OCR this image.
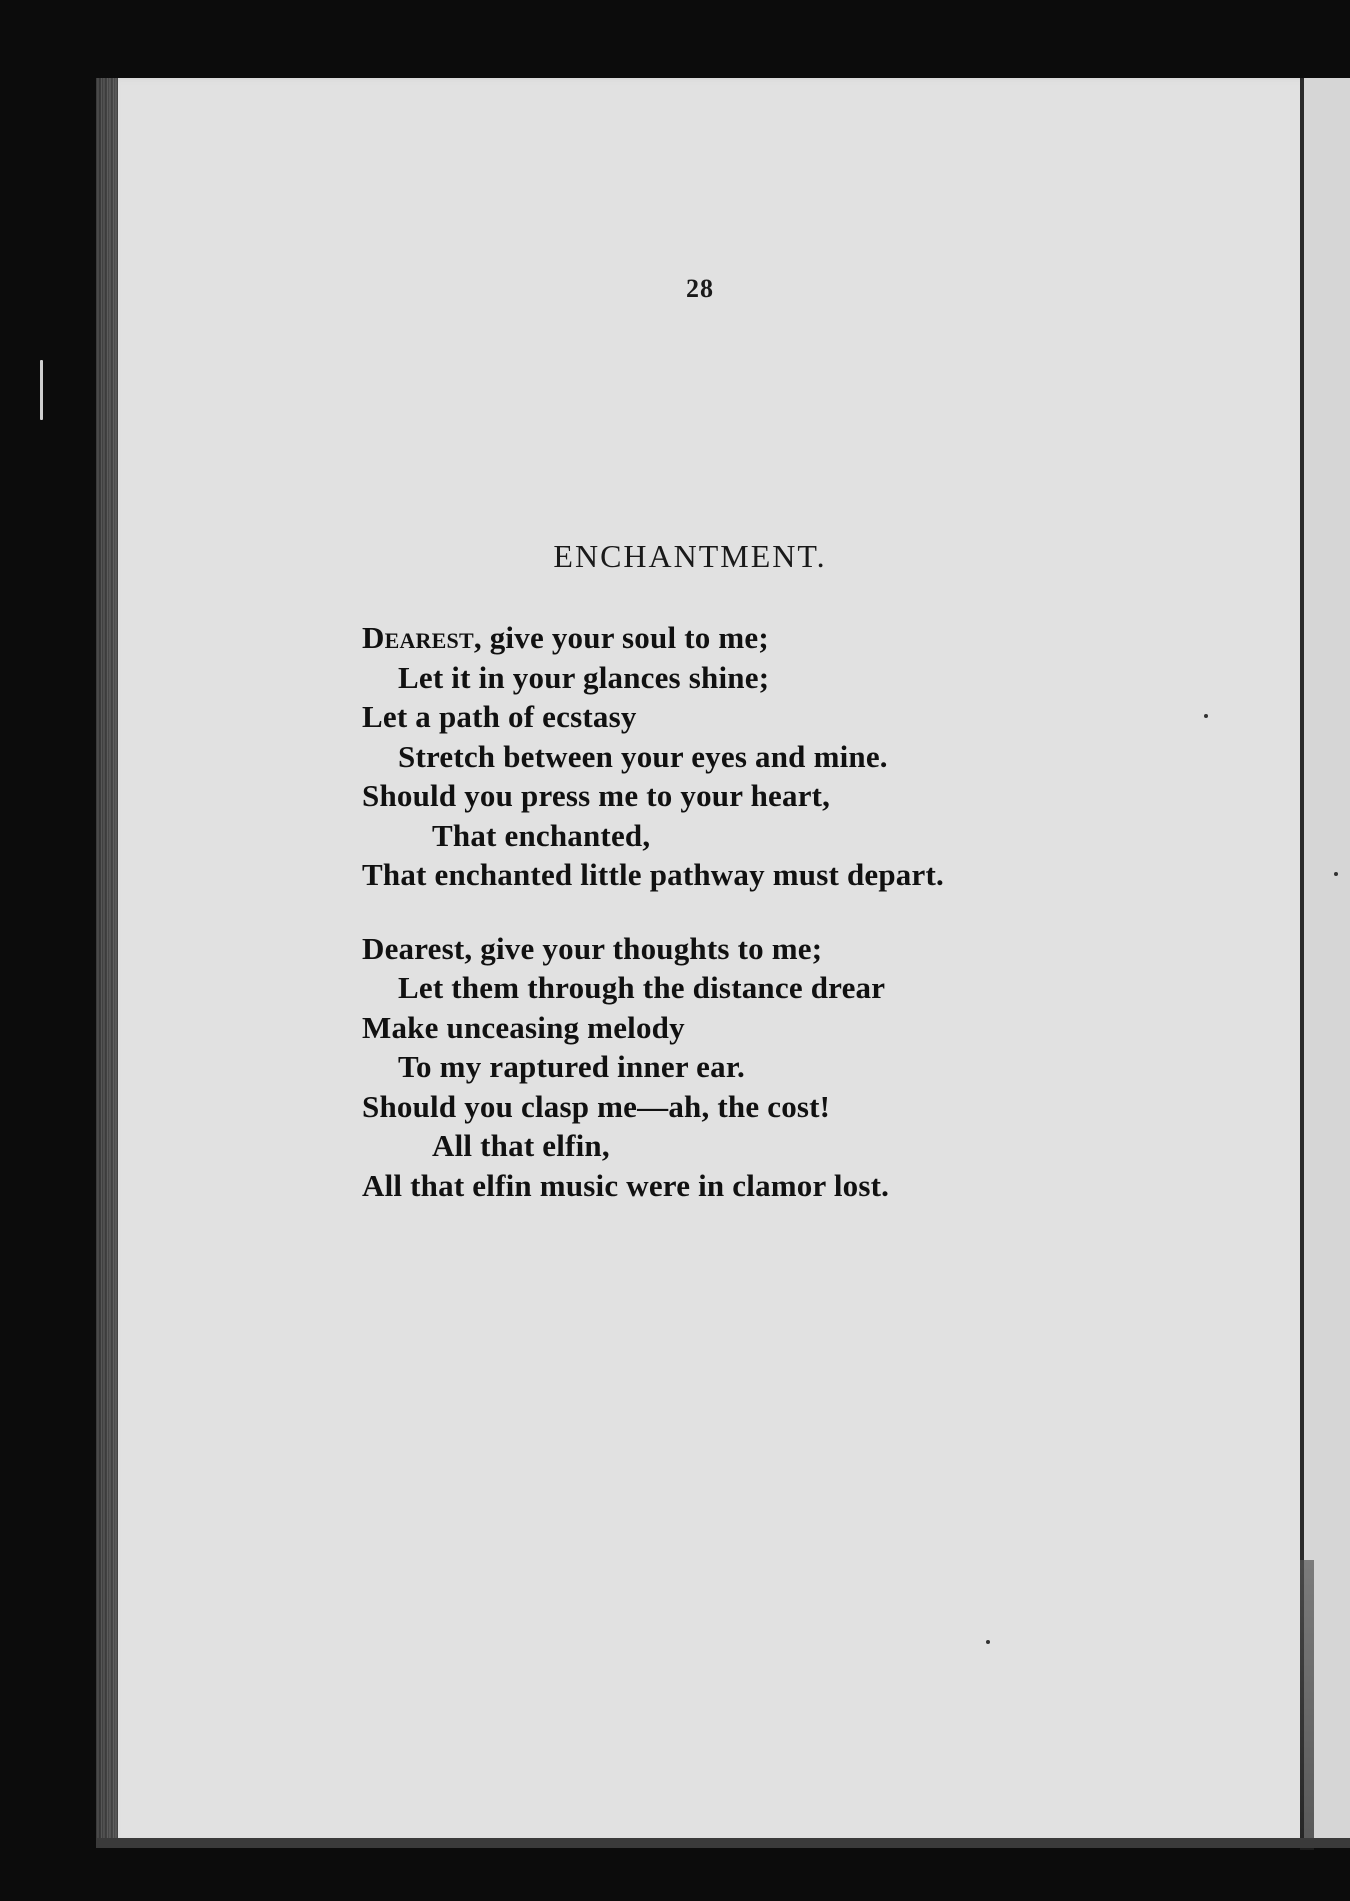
28
ENCHANTMENT.
Dearest, give your soul to me;
Let it in your glances shine;
Let a path of ecstasy
Stretch between your eyes and mine.
Should you press me to your heart,
That enchanted,
That enchanted little pathway must depart.
Dearest, give your thoughts to me;
Let them through the distance drear
Make unceasing melody
To my raptured inner ear.
Should you clasp me—ah, the cost!
All that elfin,
All that elfin music were in clamor lost.
